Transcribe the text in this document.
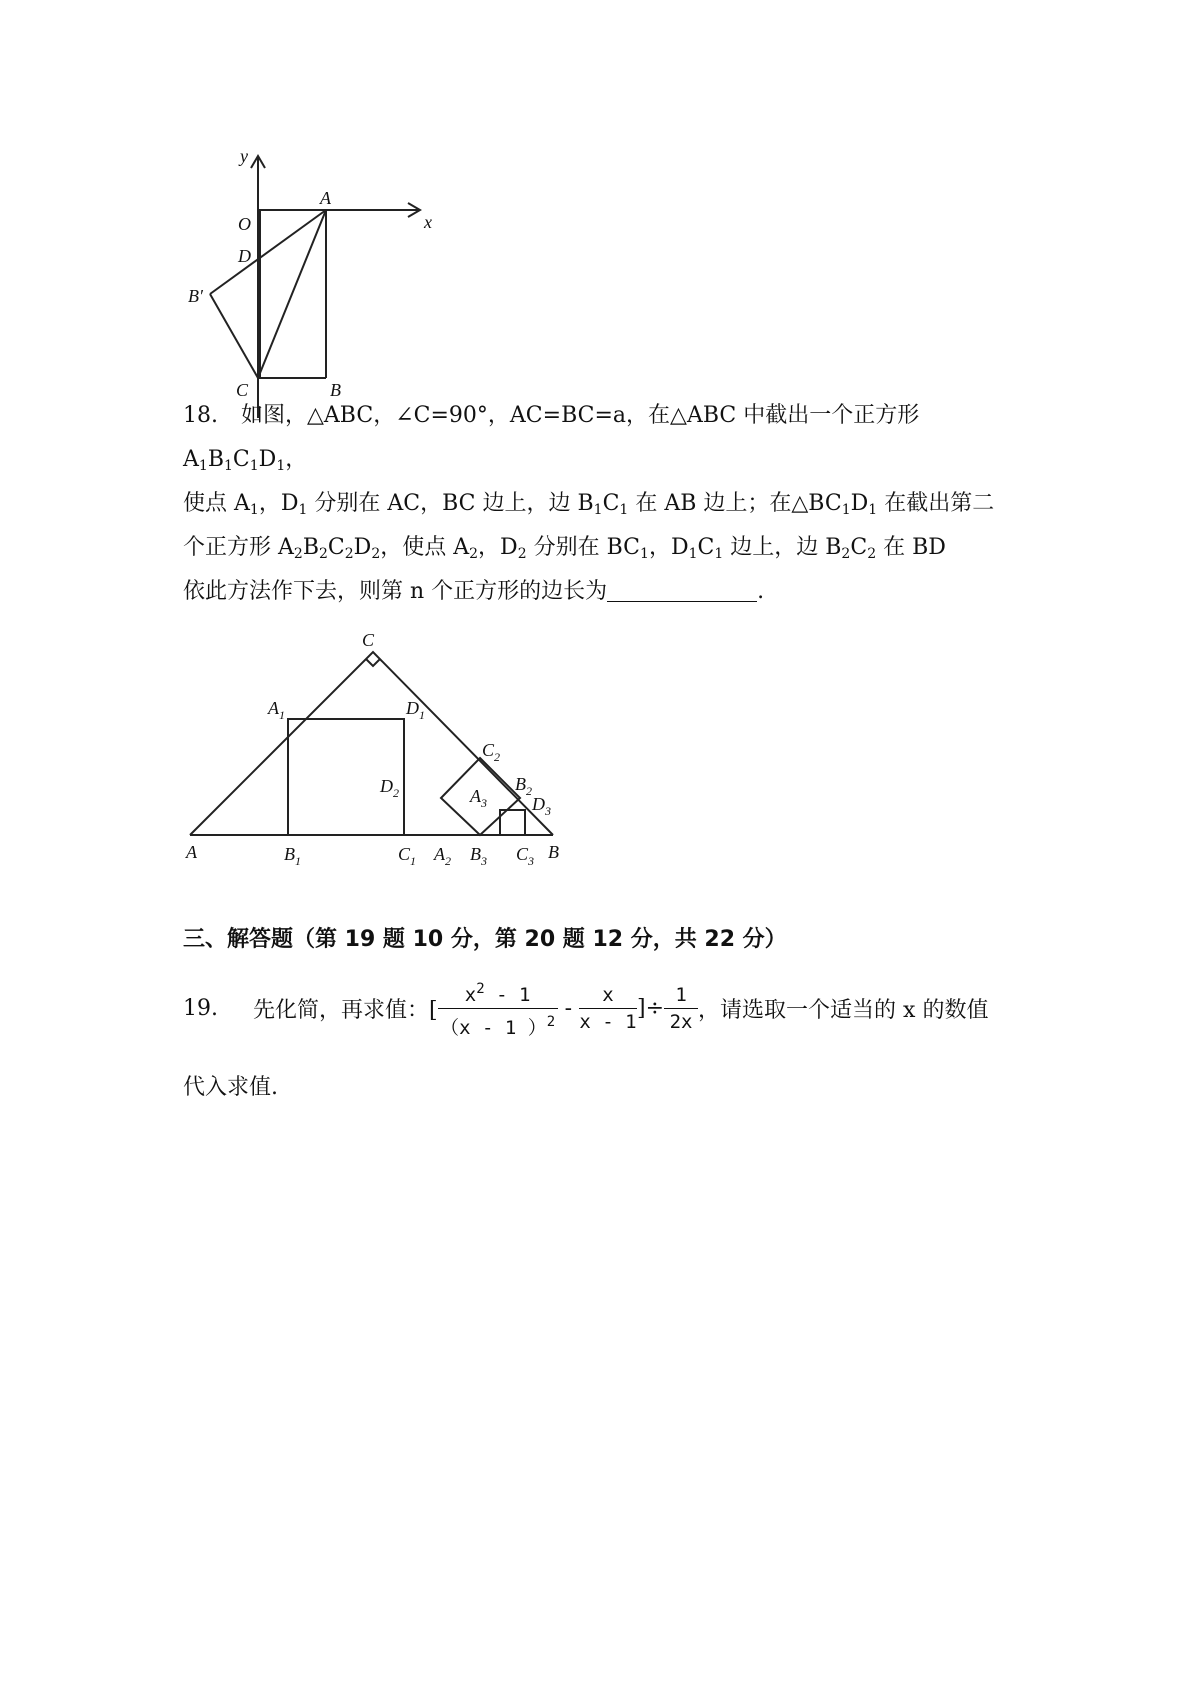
y
x
O
A
D
B′
C	B
18. 如图，△ABC，∠C=90°，AC=BC=a，在△ABC 中截出一个正方形 $A_1B_1C_1D_1$，
使点 $A_1$，$D_1$ 分别在 AC，BC 边上，边 $B_1C_1$ 在 AB 边上；在$\triangle BC_1D_1$ 在截出第二
个正方形 $A_2B_2C_2D_2$，使点 $A_2$，$D_2$ 分别在 $BC_1$，$D_1C_1$ 边上，边 $B_2C_2$ 在 BD
依此方法作下去，则第 n 个正方形的边长为	.
C
$A_1$	$D_1$
$C_2$
$D_2$	$B_2$
$A_3$	$D_3$
A	$B_1$	$C_1$ $A_2$ $B_3$ $C_3$ B
三、解答题（第 19 题 10 分，第 20 题 12 分，共 22 分）
19.	先化简，再求值：[ $\frac{x^2 - 1}{(x - 1 )^2} - \frac{x}{x - 1}$ ]÷ $\frac{1}{2x}$ ，请选取一个适当的 x 的数值
代入求值.
